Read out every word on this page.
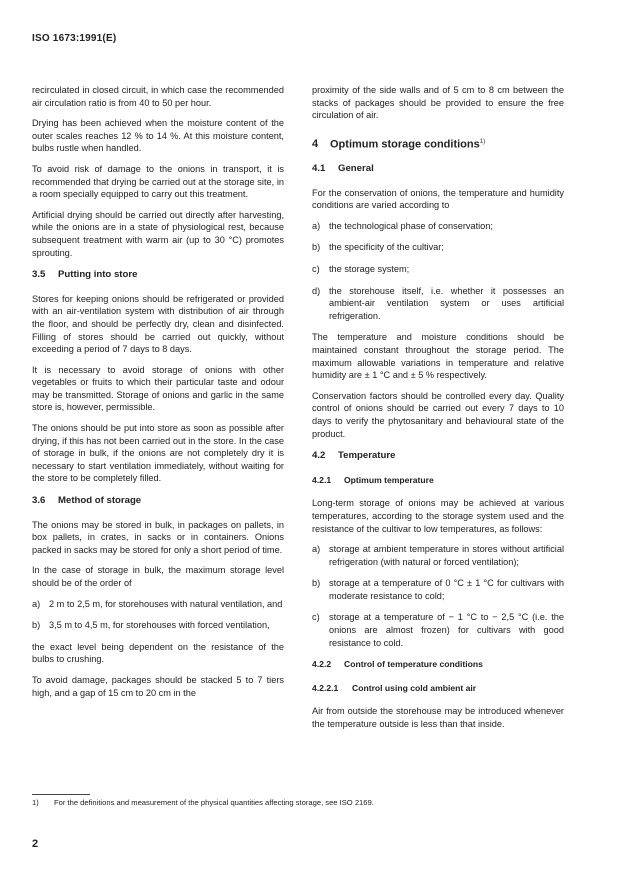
ISO 1673:1991(E)

recirculated in closed circuit, in which case the recommended air circulation ratio is from 40 to 50 per hour.

Drying has been achieved when the moisture content of the outer scales reaches 12 % to 14 %. At this moisture content, bulbs rustle when handled.

To avoid risk of damage to the onions in transport, it is recommended that drying be carried out at the storage site, in a room specially equipped to carry out this treatment.

Artificial drying should be carried out directly after harvesting, while the onions are in a state of physiological rest, because subsequent treatment with warm air (up to 30 °C) promotes sprouting.

3.5 Putting into store

Stores for keeping onions should be refrigerated or provided with an air-ventilation system with distribution of air through the floor, and should be perfectly dry, clean and disinfected. Filling of stores should be carried out quickly, without exceeding a period of 7 days to 8 days.

It is necessary to avoid storage of onions with other vegetables or fruits to which their particular taste and odour may be transmitted. Storage of onions and garlic in the same store is, however, permissible.

The onions should be put into store as soon as possible after drying, if this has not been carried out in the store. In the case of storage in bulk, if the onions are not completely dry it is necessary to start ventilation immediately, without waiting for the store to be completely filled.

3.6 Method of storage

The onions may be stored in bulk, in packages on pallets, in box pallets, in crates, in sacks or in containers. Onions packed in sacks may be stored for only a short period of time.

In the case of storage in bulk, the maximum storage level should be of the order of

a) 2 m to 2,5 m, for storehouses with natural ventilation, and
b) 3,5 m to 4,5 m, for storehouses with forced ventilation,

the exact level being dependent on the resistance of the bulbs to crushing.

To avoid damage, packages should be stacked 5 to 7 tiers high, and a gap of 15 cm to 20 cm in the

proximity of the side walls and of 5 cm to 8 cm between the stacks of packages should be provided to ensure the free circulation of air.

4 Optimum storage conditions$^{1)}$
4.1 General

For the conservation of onions, the temperature and humidity conditions are varied according to

a) the technological phase of conservation;
b) the specificity of the cultivar;
c)	the storage system;
d) the storehouse itself, i.e. whether it possesses an ambient-air ventilation system or uses artificial refrigeration.

The temperature and moisture conditions should be maintained constant throughout the storage period. The maximum allowable variations in temperature and relative humidity are ± 1 °C and ± 5 % respectively.

Conservation factors should be controlled every day. Quality control of onions should be carried out every 7 days to 10 days to verify the phytosanitary and behavioural state of the product.

4.2 Temperature
4.2.1 Optimum temperature

Long-term storage of onions may be achieved at various temperatures, according to the storage system used and the resistance of the cultivar to low temperatures, as follows:

a) storage at ambient temperature in stores without artificial refrigeration (with natural or forced ventilation);
b) storage at a temperature of 0 °C ± 1 °C for cultivars with moderate resistance to cold;
c)	storage at a temperature of − 1 °C to − 2,5 °C (i.e. the onions are almost frozen) for cultivars with good resistance to cold.
4.2.2 Control of temperature conditions
4.2.2.1 Control using cold ambient air

Air from outside the storehouse may be introduced whenever the temperature outside is less than that inside.

1) For the definitions and measurement of the physical quantities affecting storage, see ISO 2169.
2
